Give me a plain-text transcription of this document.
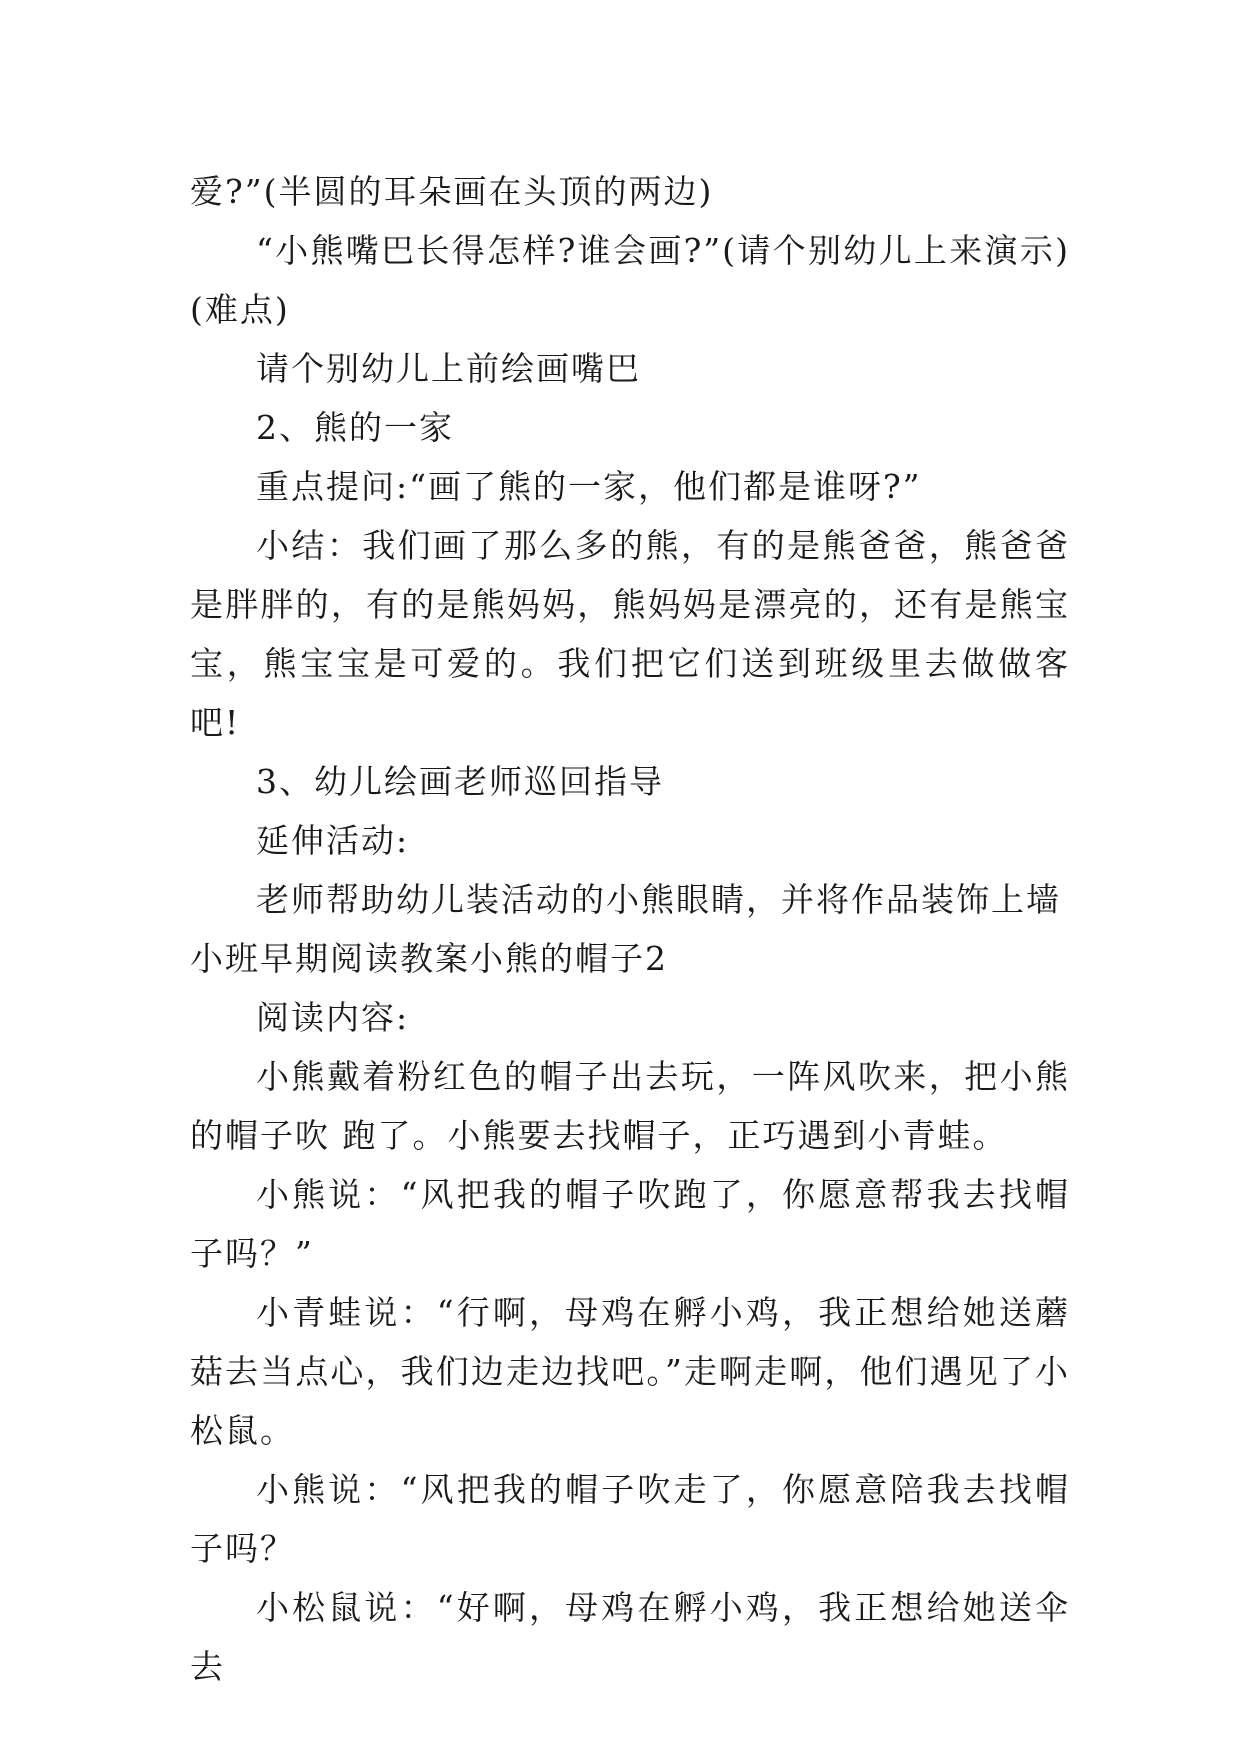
爱?”(半圆的耳朵画在头顶的两边)

“小熊嘴巴长得怎样?谁会画?”(请个别幼儿上来演示)(难点)

请个别幼儿上前绘画嘴巴

2、熊的一家

重点提问:“画了熊的一家，他们都是谁呀?”

小结：我们画了那么多的熊，有的是熊爸爸，熊爸爸是胖胖的，有的是熊妈妈，熊妈妈是漂亮的，还有是熊宝宝，熊宝宝是可爱的。我们把它们送到班级里去做做客吧!

3、幼儿绘画老师巡回指导

延伸活动:

老师帮助幼儿装活动的小熊眼睛，并将作品装饰上墙

小班早期阅读教案小熊的帽子2

阅读内容:

小熊戴着粉红色的帽子出去玩，一阵风吹来，把小熊的帽子吹 跑了。小熊要去找帽子，正巧遇到小青蛙。

小熊说：“风把我的帽子吹跑了，你愿意帮我去找帽子吗？”

小青蛙说：“行啊，母鸡在孵小鸡，我正想给她送蘑菇去当点心，我们边走边找吧。”走啊走啊，他们遇见了小松鼠。

小熊说：“风把我的帽子吹走了，你愿意陪我去找帽子吗？

小松鼠说：“好啊，母鸡在孵小鸡，我正想给她送伞去
